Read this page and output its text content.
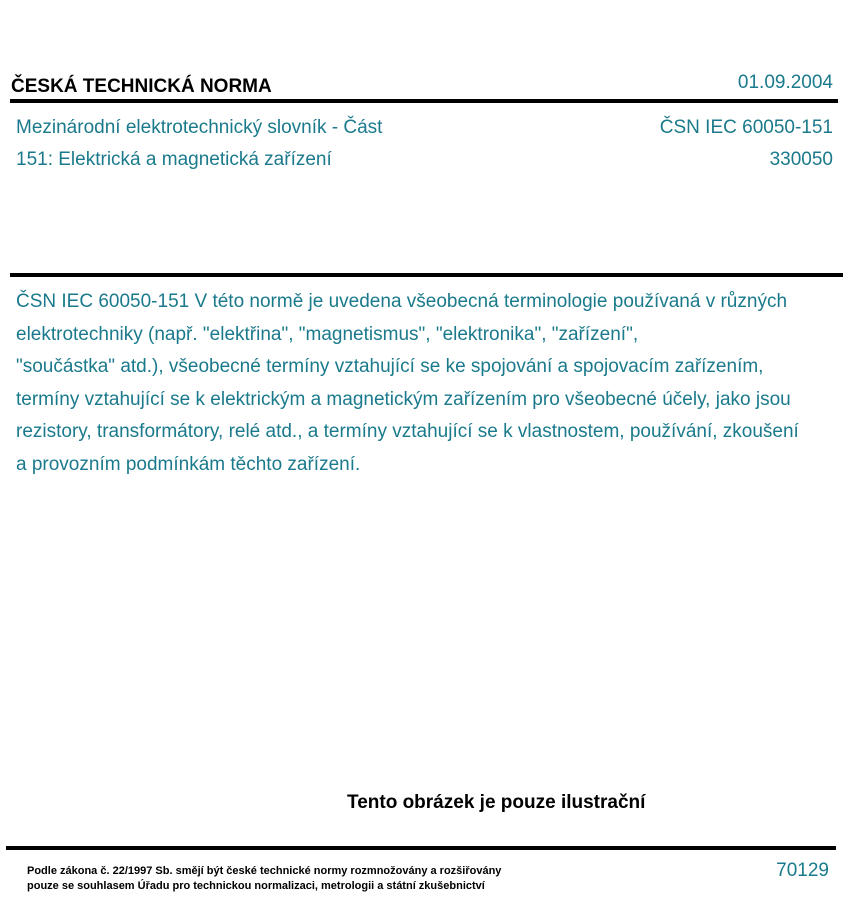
ČESKÁ TECHNICKÁ NORMA	01.09.2004
Mezinárodní elektrotechnický slovník - Část
151: Elektrická a magnetická zařízení
ČSN IEC 60050-151
330050
ČSN IEC 60050-151 V této normě je uvedena všeobecná terminologie používaná v různých
elektrotechniky (např. "elektřina", "magnetismus", "elektronika", "zařízení",
"součástka" atd.), všeobecné termíny vztahující se ke spojování a spojovacím zařízením,
termíny vztahující se k elektrickým a magnetickým zařízením pro všeobecné účely, jako jsou
rezistory, transformátory, relé atd., a termíny vztahující se k vlastnostem, používání, zkoušení
a provozním podmínkám těchto zařízení.
Tento obrázek je pouze ilustrační
Podle zákona č. 22/1997 Sb. smějí být české technické normy rozmnožovány a rozšiřovány
pouze se souhlasem Úřadu pro technickou normalizaci, metrologii a státní zkušebnictví
70129
